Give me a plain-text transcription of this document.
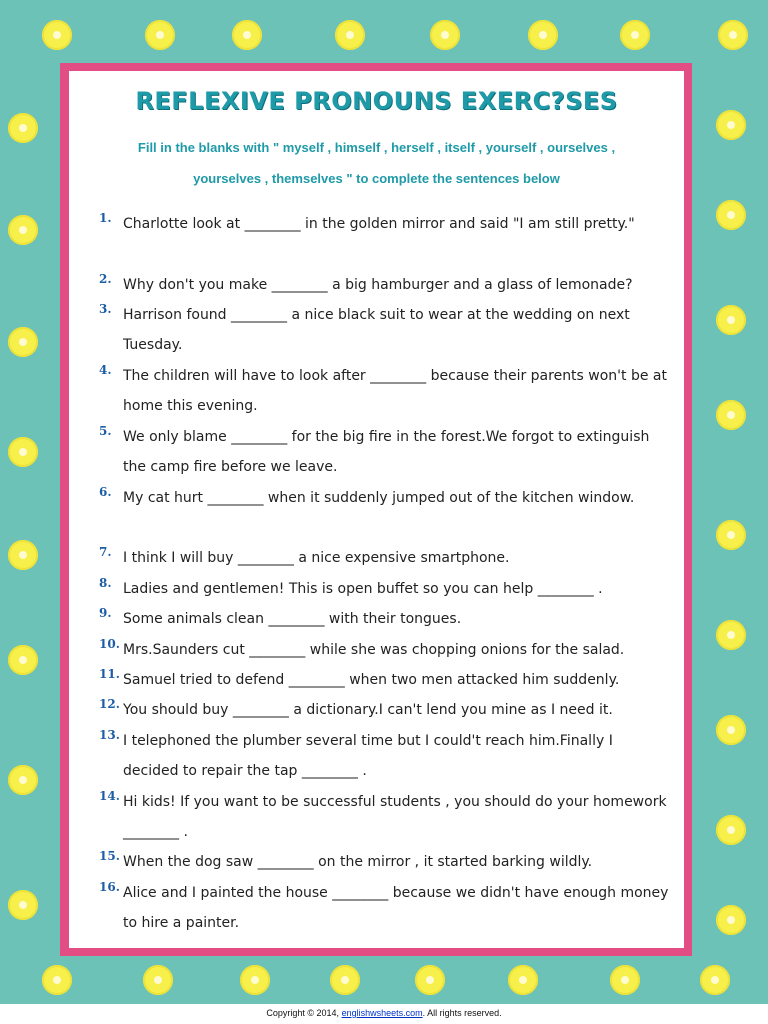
REFLEXIVE PRONOUNS EXERC?SES
Fill in the blanks with " myself , himself , herself , itself , yourself , ourselves ,
yourselves , themselves " to complete the sentences below
1. Charlotte look at ________ in the golden mirror and said "I am still pretty."
2. Why don't you make ________ a big hamburger and a glass of lemonade?
3. Harrison found ________ a nice black suit to wear at the wedding on next Tuesday.
4. The children will have to look after ________ because their parents won't be at home this evening.
5. We only blame ________ for the big fire in the forest.We forgot to extinguish the camp fire before we leave.
6. My cat hurt ________ when it suddenly jumped out of the kitchen window.
7. I think I will buy ________ a nice expensive smartphone.
8. Ladies and gentlemen! This is open buffet so you can help ________ .
9. Some animals clean ________ with their tongues.
10. Mrs.Saunders cut ________ while she was chopping onions for the salad.
11. Samuel tried to defend ________ when two men attacked him suddenly.
12. You should buy ________ a dictionary.I can't lend you mine as I need it.
13. I telephoned the plumber several time but I could't reach him.Finally I decided to repair the tap ________ .
14. Hi kids! If you want to be successful students , you should do your homework ________ .
15. When the dog saw ________ on the mirror , it started barking wildly.
16. Alice and I painted the house ________ because we didn't have enough money to hire a painter.
Copyright © 2014, englishwsheets.com. All rights reserved.
